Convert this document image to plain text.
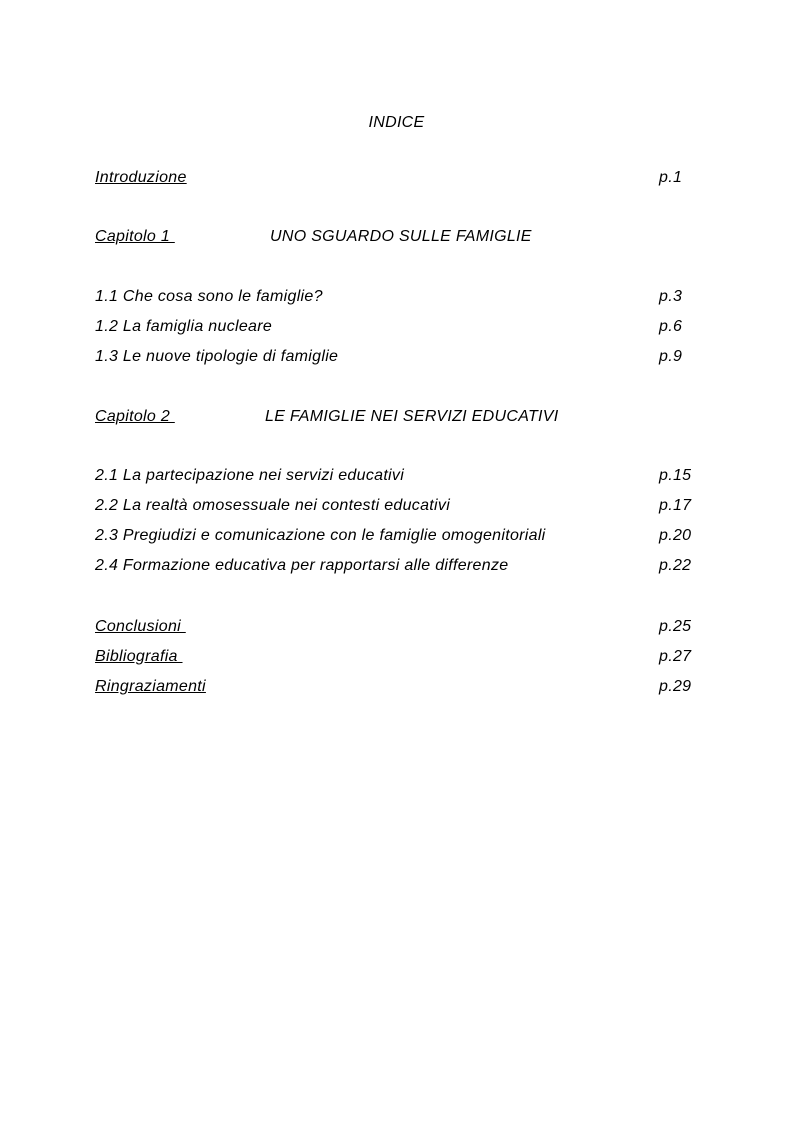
INDICE
Introduzione	p.1
Capitolo 1	UNO SGUARDO SULLE FAMIGLIE
1.1 Che cosa sono le famiglie?	p.3
1.2 La famiglia nucleare	p.6
1.3 Le nuove tipologie di famiglie	p.9
Capitolo 2	LE FAMIGLIE NEI SERVIZI EDUCATIVI
2.1 La partecipazione nei servizi educativi	p.15
2.2 La realtà omosessuale nei contesti educativi	p.17
2.3 Pregiudizi e comunicazione con le famiglie omogenitoriali	p.20
2.4 Formazione educativa per rapportarsi alle differenze	p.22
Conclusioni	p.25
Bibliografia	p.27
Ringraziamenti	p.29
